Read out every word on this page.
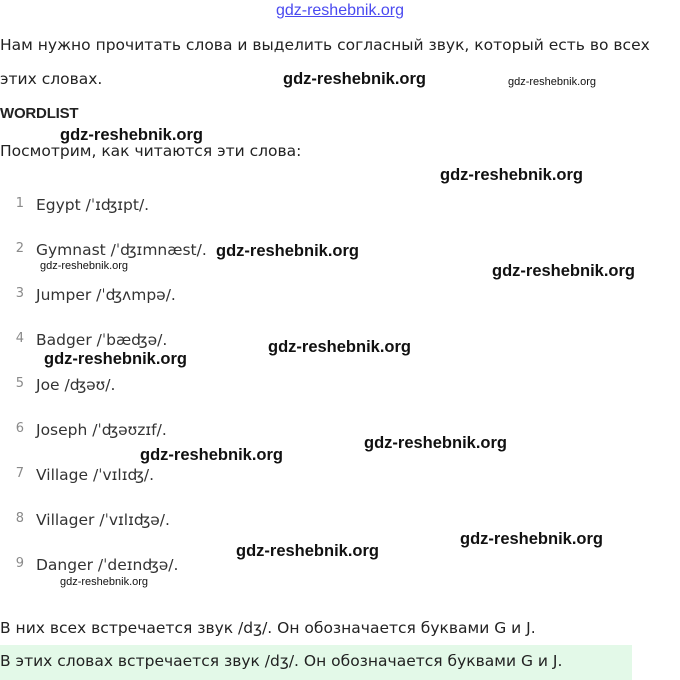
gdz-reshebnik.org
Нам нужно прочитать слова и выделить согласный звук, который есть во всех
этих словах.
WORDLIST
Посмотрим, как читаются эти слова:
1 Egypt /ˈɪʤɪpt/.
2 Gymnast /ˈʤɪmnæst/.
3 Jumper /ˈʤʌmpə/.
4 Badger /ˈbæʤə/.
5 Joe /ʤəʊ/.
6 Joseph /ˈʤəʊzɪf/.
7 Village /ˈvɪlɪʤ/.
8 Villager /ˈvɪlɪʤə/.
9 Danger /ˈdeɪnʤə/.
В них всех встречается звук /dʒ/. Он обозначается буквами G и J.
В этих словах встречается звук /dʒ/. Он обозначается буквами G и J.
gdz-reshebnik.org	gdz-reshebnik.org
gdz-reshebnik.org
gdz-reshebnik.org
gdz-reshebnik.org
gdz-reshebnik.org	gdz-reshebnik.org
gdz-reshebnik.org
gdz-reshebnik.org
gdz-reshebnik.org
gdz-reshebnik.org
gdz-reshebnik.org
gdz-reshebnik.org
gdz-reshebnik.org
